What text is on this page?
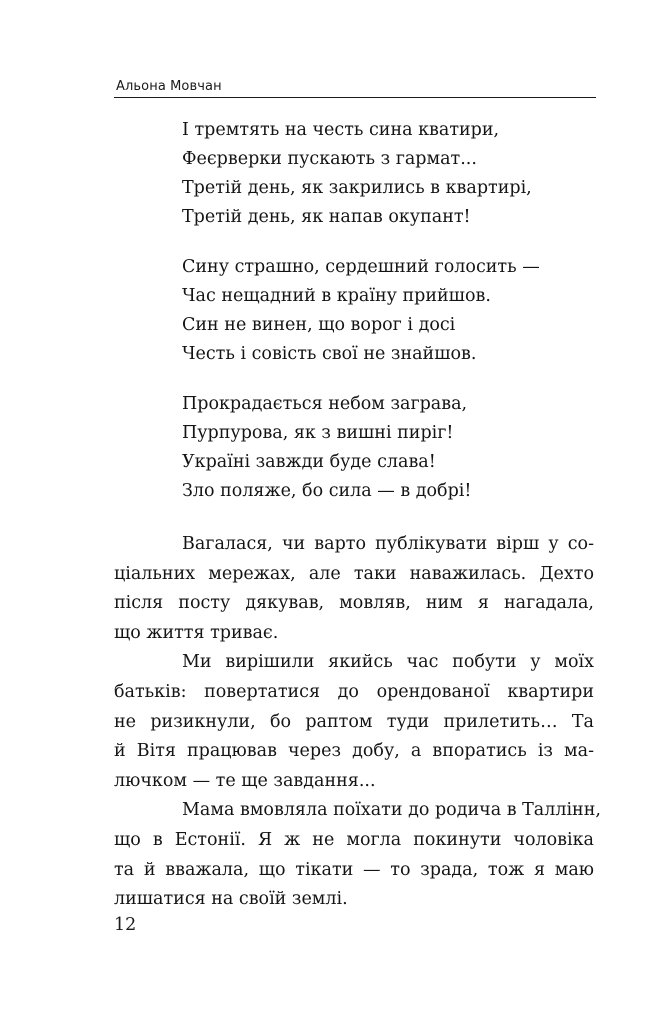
Альона Мовчан
І тремтять на честь сина кватири,
Феєрверки пускають з гармат...
Третій день, як закрились в квартирі,
Третій день, як напав окупант!
Сину страшно, сердешний голосить —
Час нещадний в країну прийшов.
Син не винен, що ворог і досі
Честь і совість свої не знайшов.
Прокрадається небом заграва,
Пурпурова, як з вишні пиріг!
Україні завжди буде слава!
Зло поляже, бо сила — в добрі!

Вагалася, чи варто публікувати вірш у со-
ціальних мережах, але таки наважилась. Дехто
після посту дякував, мовляв, ним я нагадала,
що життя триває.

Ми вирішили якийсь час побути у моїх
батьків: повертатися до орендованої квартири
не ризикнули, бо раптом туди прилетить… Та
й Вітя працював через добу, а впоратись із ма-
лючком — те ще завдання...

Мама вмовляла поїхати до родича в Таллінн,
що в Естонії. Я ж не могла покинути чоловіка
та й вважала, що тікати — то зрада, тож я маю
лишатися на своїй землі.

12
